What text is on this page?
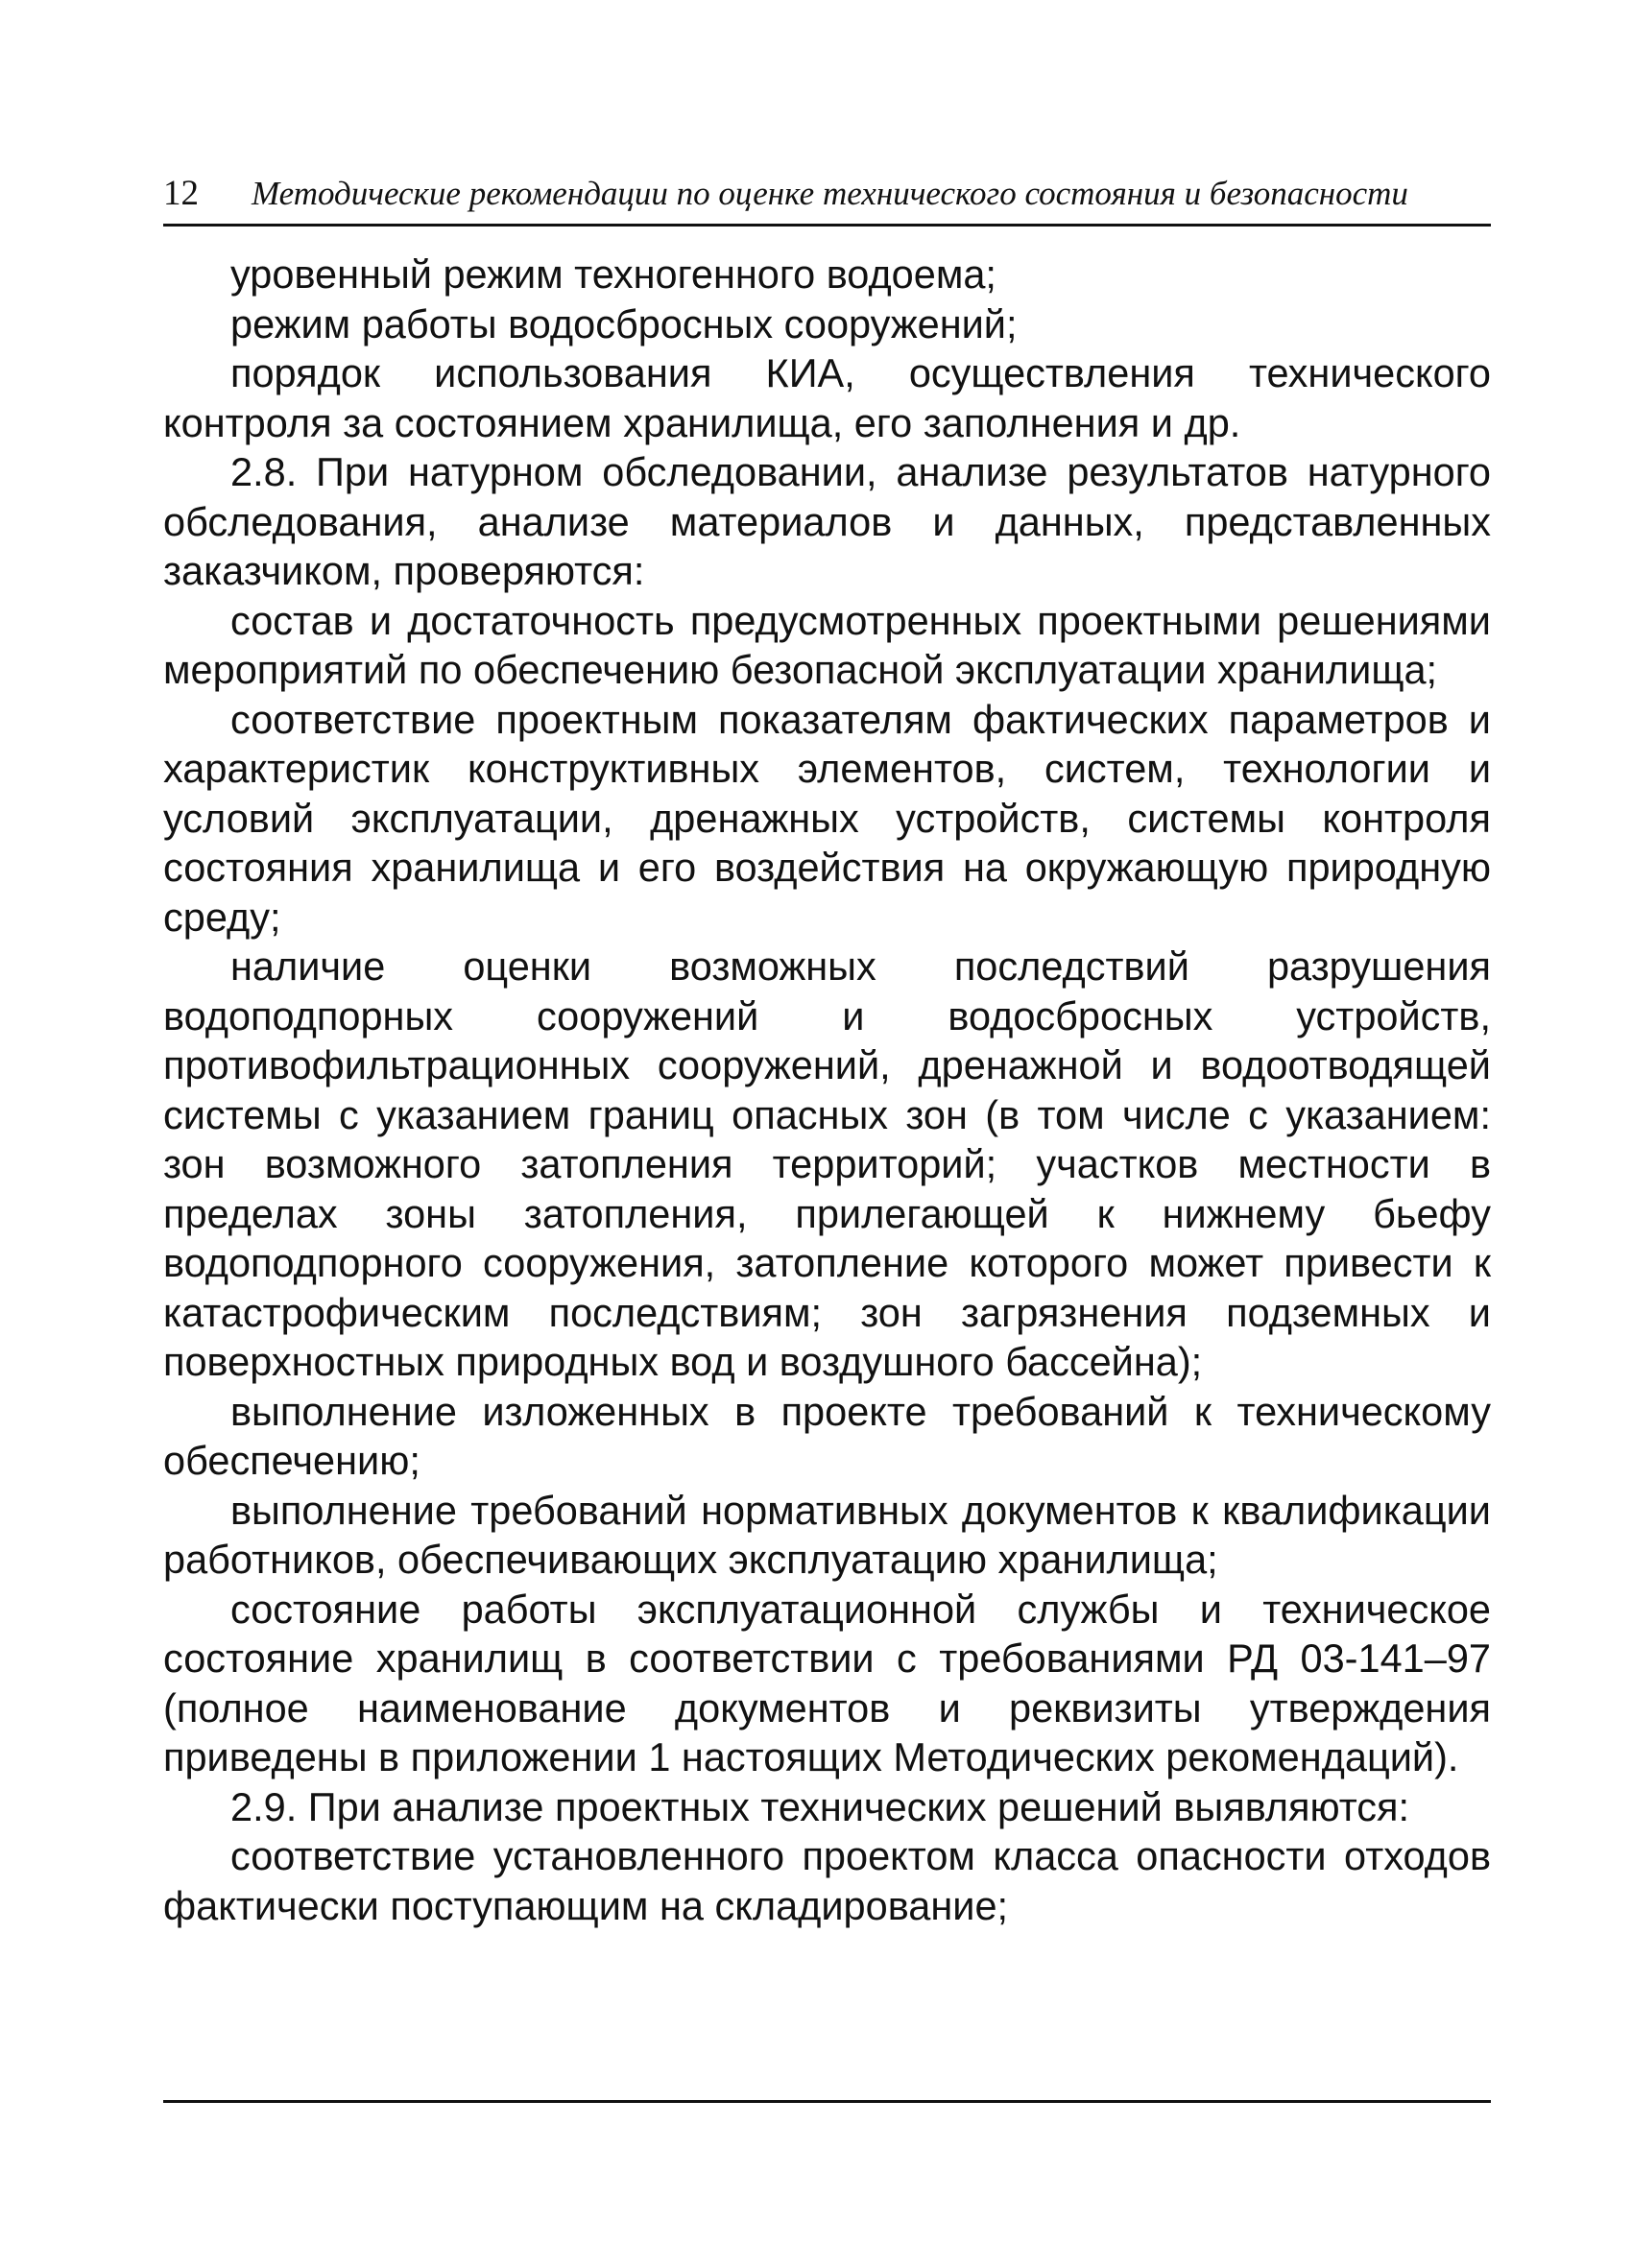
12	Методические рекомендации по оценке технического состояния и безопасности

уровенный режим техногенного водоема;

режим работы водосбросных сооружений;

порядок использования КИА, осуществления технического контроля за состоянием хранилища, его заполнения и др.

2.8. При натурном обследовании, анализе результатов натурного обследования, анализе материалов и данных, представленных заказчиком, проверяются:

состав и достаточность предусмотренных проектными решениями мероприятий по обеспечению безопасной эксплуатации хранилища;

соответствие проектным показателям фактических параметров и характеристик конструктивных элементов, систем, технологии и условий эксплуатации, дренажных устройств, системы контроля состояния хранилища и его воздействия на окружающую природную среду;

наличие оценки возможных последствий разрушения водоподпорных сооружений и водосбросных устройств, противофильтрационных сооружений, дренажной и водоотводящей системы с указанием границ опасных зон (в том числе с указанием: зон возможного затопления территорий; участков местности в пределах зоны затопления, прилегающей к нижнему бьефу водоподпорного сооружения, затопление которого может привести к катастрофическим последствиям; зон загрязнения подземных и поверхностных природных вод и воздушного бассейна);

выполнение изложенных в проекте требований к техническому обеспечению;

выполнение требований нормативных документов к квалификации работников, обеспечивающих эксплуатацию хранилища;

состояние работы эксплуатационной службы и техническое состояние хранилищ в соответствии с требованиями РД 03-141–97 (полное наименование документов и реквизиты утверждения приведены в приложении 1 настоящих Методических рекомендаций).

2.9. При анализе проектных технических решений выявляются:

соответствие установленного проектом класса опасности отходов фактически поступающим на складирование;
